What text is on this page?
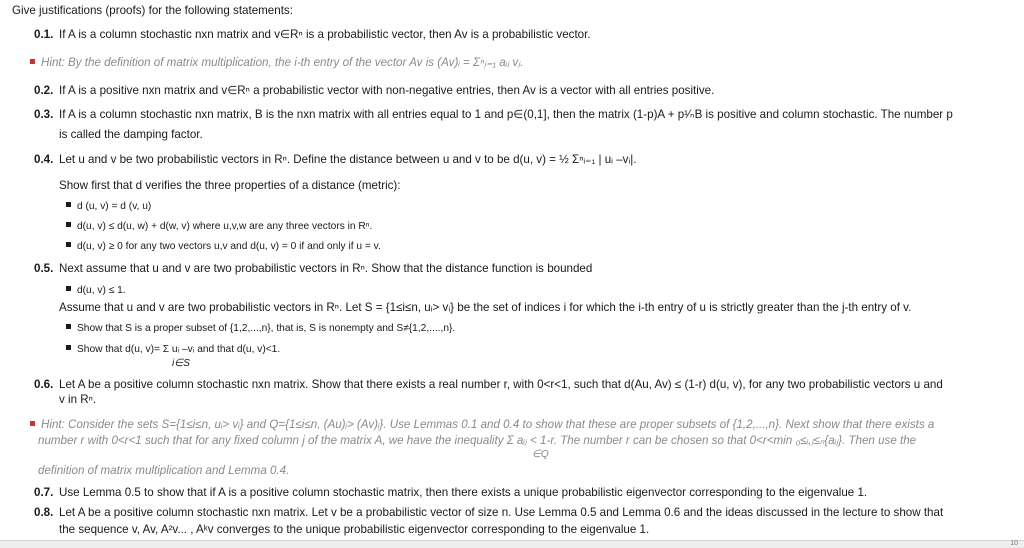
Give justifications (proofs) for the following statements:
0.1. If A is a column stochastic nxn matrix and v∈Rⁿ is a probabilistic vector, then Av is a probabilistic vector.
Hint: By the definition of matrix multiplication, the i-th entry of the vector Av is (Av)ᵢ = Σⁿⱼ₌₁ aᵢⱼ vⱼ.
0.2. If A is a positive nxn matrix and v∈Rⁿ a probabilistic vector with non-negative entries, then Av is a vector with all entries positive.
0.3. If A is a column stochastic nxn matrix, B is the nxn matrix with all entries equal to 1 and p∈(0,1], then the matrix (1-p)A + p¹⁄ₙB is positive and column stochastic. The number p
is called the damping factor.
0.4. Let u and v be two probabilistic vectors in Rⁿ. Define the distance between u and v to be d(u, v) = ½ Σⁿᵢ₌₁ | uᵢ –vᵢ|.
Show first that d verifies the three properties of a distance (metric):
d (u, v) = d (v, u)
d(u, v) ≤ d(u, w) + d(w, v) where u,v,w are any three vectors in Rⁿ.
d(u, v) ≥ 0 for any two vectors u,v and d(u, v) = 0 if and only if u = v.
0.5. Next assume that u and v are two probabilistic vectors in Rⁿ. Show that the distance function is bounded
d(u, v) ≤ 1.
Assume that u and v are two probabilistic vectors in Rⁿ. Let S = {1≤i≤n, uᵢ> vᵢ} be the set of indices i for which the i-th entry of u is strictly greater than the j-th entry of v.
Show that S is a proper subset of {1,2,...,n}, that is, S is nonempty and S≠{1,2,....,n}.
Show that d(u, v)= Σ uᵢ –vᵢ and that d(u, v)<1.
i∈S
0.6. Let A be a positive column stochastic nxn matrix. Show that there exists a real number r, with 0<r<1, such that d(Au, Av) ≤ (1-r) d(u, v), for any two probabilistic vectors u and
v in Rⁿ.
Hint: Consider the sets S={1≤i≤n, uᵢ> vᵢ} and Q={1≤i≤n, (Au)ᵢ> (Av)ᵢ}. Use Lemmas 0.1 and 0.4 to show that these are proper subsets of {1,2,...,n}. Next show that there exists a
number r with 0<r<1 such that for any fixed column j of the matrix A, we have the inequality Σ aᵢⱼ < 1-r. The number r can be chosen so that 0<r<min ₀≤ᵢ,ⱼ≤ₙ{aᵢⱼ}. Then use the
∈Q
definition of matrix multiplication and Lemma 0.4.
0.7. Use Lemma 0.5 to show that if A is a positive column stochastic matrix, then there exists a unique probabilistic eigenvector corresponding to the eigenvalue 1.
0.8. Let A be a positive column stochastic nxn matrix. Let v be a probabilistic vector of size n. Use Lemma 0.5 and Lemma 0.6 and the ideas discussed in the lecture to show that
the sequence v, Av, A²v... , Aᵏv converges to the unique probabilistic eigenvector corresponding to the eigenvalue 1.
10
